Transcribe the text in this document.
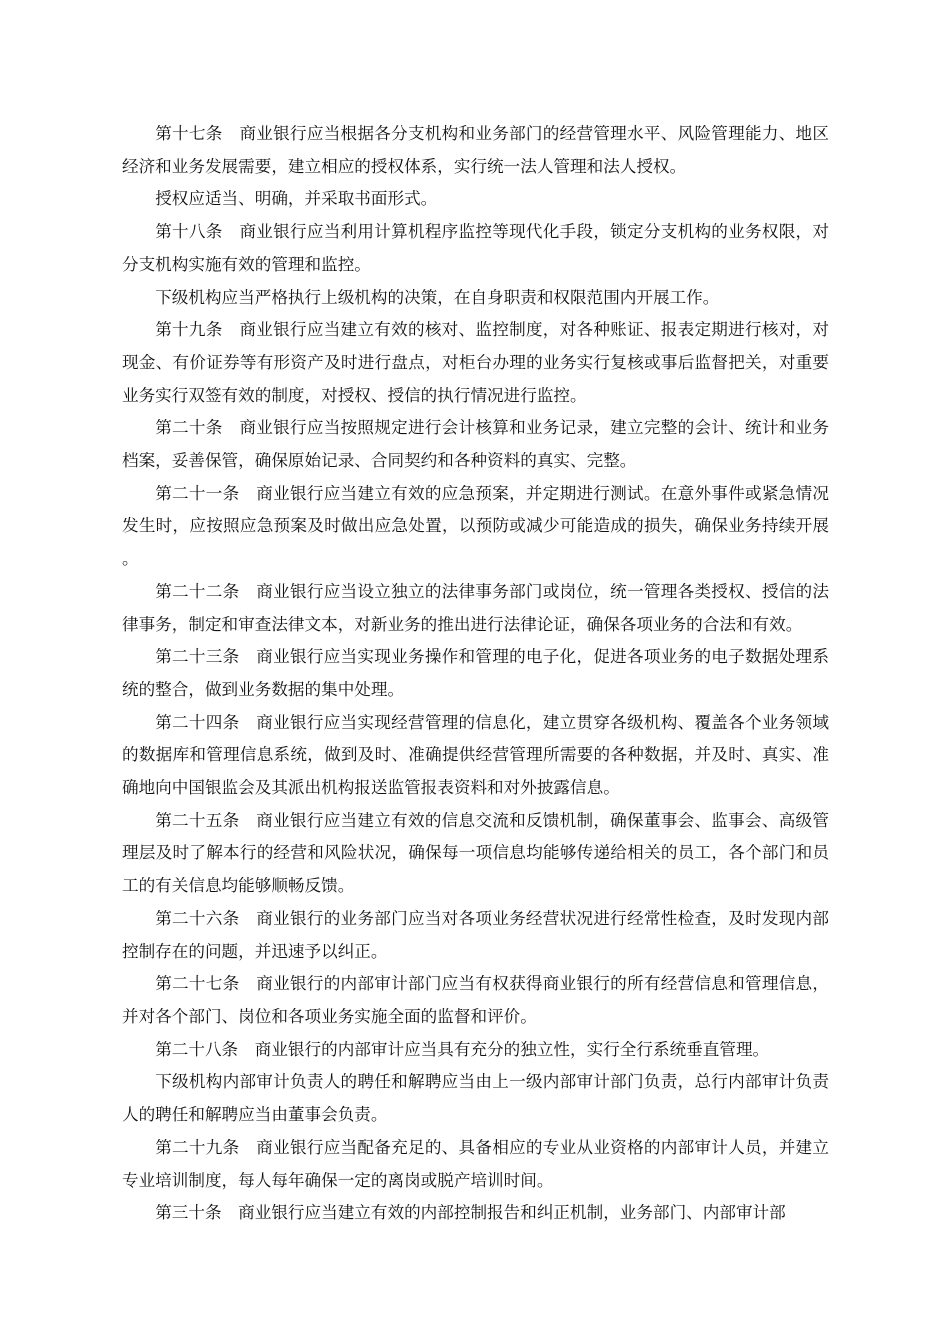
第十七条　商业银行应当根据各分支机构和业务部门的经营管理水平、风险管理能力、地区经济和业务发展需要，建立相应的授权体系，实行统一法人管理和法人授权。

授权应适当、明确，并采取书面形式。

第十八条　商业银行应当利用计算机程序监控等现代化手段，锁定分支机构的业务权限，对分支机构实施有效的管理和监控。

下级机构应当严格执行上级机构的决策，在自身职责和权限范围内开展工作。

第十九条　商业银行应当建立有效的核对、监控制度，对各种账证、报表定期进行核对，对现金、有价证券等有形资产及时进行盘点，对柜台办理的业务实行复核或事后监督把关，对重要业务实行双签有效的制度，对授权、授信的执行情况进行监控。

第二十条　商业银行应当按照规定进行会计核算和业务记录，建立完整的会计、统计和业务档案，妥善保管，确保原始记录、合同契约和各种资料的真实、完整。

第二十一条　商业银行应当建立有效的应急预案，并定期进行测试。在意外事件或紧急情况发生时，应按照应急预案及时做出应急处置，以预防或减少可能造成的损失，确保业务持续开展。

第二十二条　商业银行应当设立独立的法律事务部门或岗位，统一管理各类授权、授信的法律事务，制定和审查法律文本，对新业务的推出进行法律论证，确保各项业务的合法和有效。

第二十三条　商业银行应当实现业务操作和管理的电子化，促进各项业务的电子数据处理系统的整合，做到业务数据的集中处理。

第二十四条　商业银行应当实现经营管理的信息化，建立贯穿各级机构、覆盖各个业务领域的数据库和管理信息系统，做到及时、准确提供经营管理所需要的各种数据，并及时、真实、准确地向中国银监会及其派出机构报送监管报表资料和对外披露信息。

第二十五条　商业银行应当建立有效的信息交流和反馈机制，确保董事会、监事会、高级管理层及时了解本行的经营和风险状况，确保每一项信息均能够传递给相关的员工，各个部门和员工的有关信息均能够顺畅反馈。

第二十六条　商业银行的业务部门应当对各项业务经营状况进行经常性检查，及时发现内部控制存在的问题，并迅速予以纠正。

第二十七条　商业银行的内部审计部门应当有权获得商业银行的所有经营信息和管理信息，并对各个部门、岗位和各项业务实施全面的监督和评价。

第二十八条　商业银行的内部审计应当具有充分的独立性，实行全行系统垂直管理。

下级机构内部审计负责人的聘任和解聘应当由上一级内部审计部门负责，总行内部审计负责人的聘任和解聘应当由董事会负责。

第二十九条　商业银行应当配备充足的、具备相应的专业从业资格的内部审计人员，并建立专业培训制度，每人每年确保一定的离岗或脱产培训时间。

第三十条　商业银行应当建立有效的内部控制报告和纠正机制，业务部门、内部审计部
